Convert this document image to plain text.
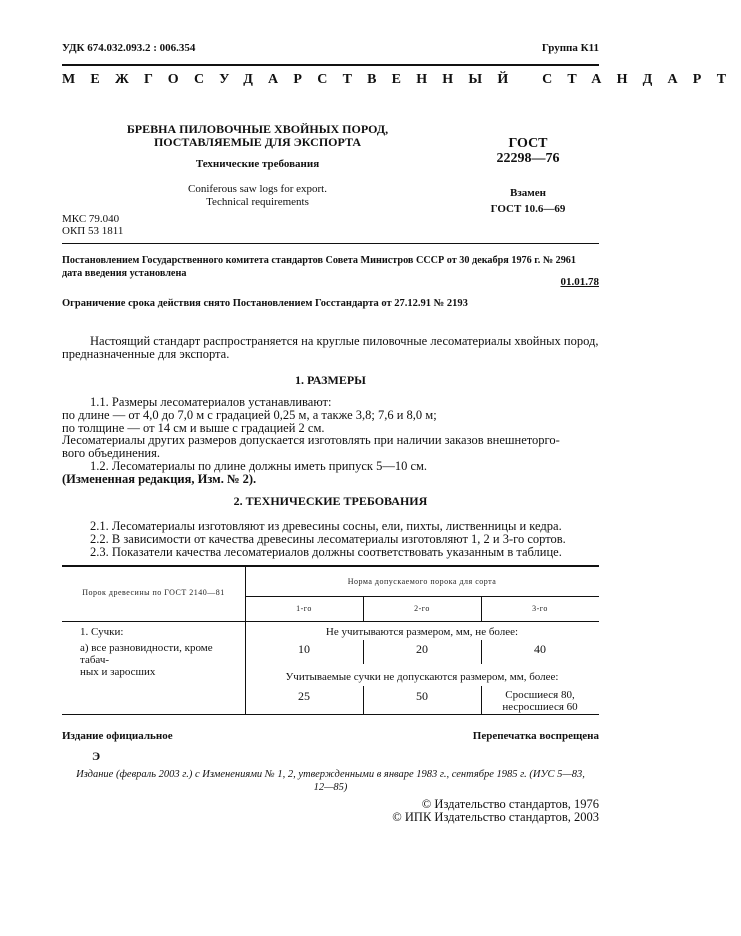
УДК 674.032.093.2 : 006.354	Группа К11
МЕЖГОСУДАРСТВЕННЫЙ СТАНДАРТ
БРЕВНА ПИЛОВОЧНЫЕ ХВОЙНЫХ ПОРОД,
ПОСТАВЛЯЕМЫЕ ДЛЯ ЭКСПОРТА
Технические требования
Coniferous saw logs for export.
Technical requirements
ГОСТ
22298—76
Взамен
ГОСТ 10.6—69
МКС 79.040
ОКП 53 1811
Постановлением Государственного комитета стандартов Совета Министров СССР от 30 декабря 1976 г. № 2961
дата введения установлена
01.01.78
Ограничение срока действия снято Постановлением Госстандарта от 27.12.91 № 2193

Настоящий стандарт распространяется на круглые пиловочные лесоматериалы хвойных пород,

предназначенные для экспорта.

1. РАЗМЕРЫ

1.1. Размеры лесоматериалов устанавливают:

по длине — от 4,0 до 7,0 м с градацией 0,25 м, а также 3,8; 7,6 и 8,0 м;

по толщине — от 14 см и выше с градацией 2 см.

Лесоматериалы других размеров допускается изготовлять при наличии заказов внешнеторго-

вого объединения.

1.2. Лесоматериалы по длине должны иметь припуск 5—10 см.

(Измененная редакция, Изм. № 2).

2. ТЕХНИЧЕСКИЕ ТРЕБОВАНИЯ

2.1. Лесоматериалы изготовляют из древесины сосны, ели, пихты, лиственницы и кедра.

2.2. В зависимости от качества древесины лесоматериалы изготовляют 1, 2 и 3-го сортов.

2.3. Показатели качества лесоматериалов должны соответствовать указанным в таблице.

Порок древесины по ГОСТ 2140—81
Норма допускаемого порока для сорта
1-го	2-го	3-го
1. Сучки:
а) все разновидности, кроме табач-
ных и заросших
Не учитываются размером, мм, не более:
10	20	40
Учитываемые сучки не допускаются размером, мм, более:
25	50	Сросшиеся 80,
несросшиеся 60
Издание официальное	Перепечатка воспрещена
Э
Издание (февраль 2003 г.) с Изменениями № 1, 2, утвержденными в январе 1983 г., сентябре 1985 г. (ИУС 5—83,
12—85)
© Издательство стандартов, 1976
© ИПК Издательство стандартов, 2003
